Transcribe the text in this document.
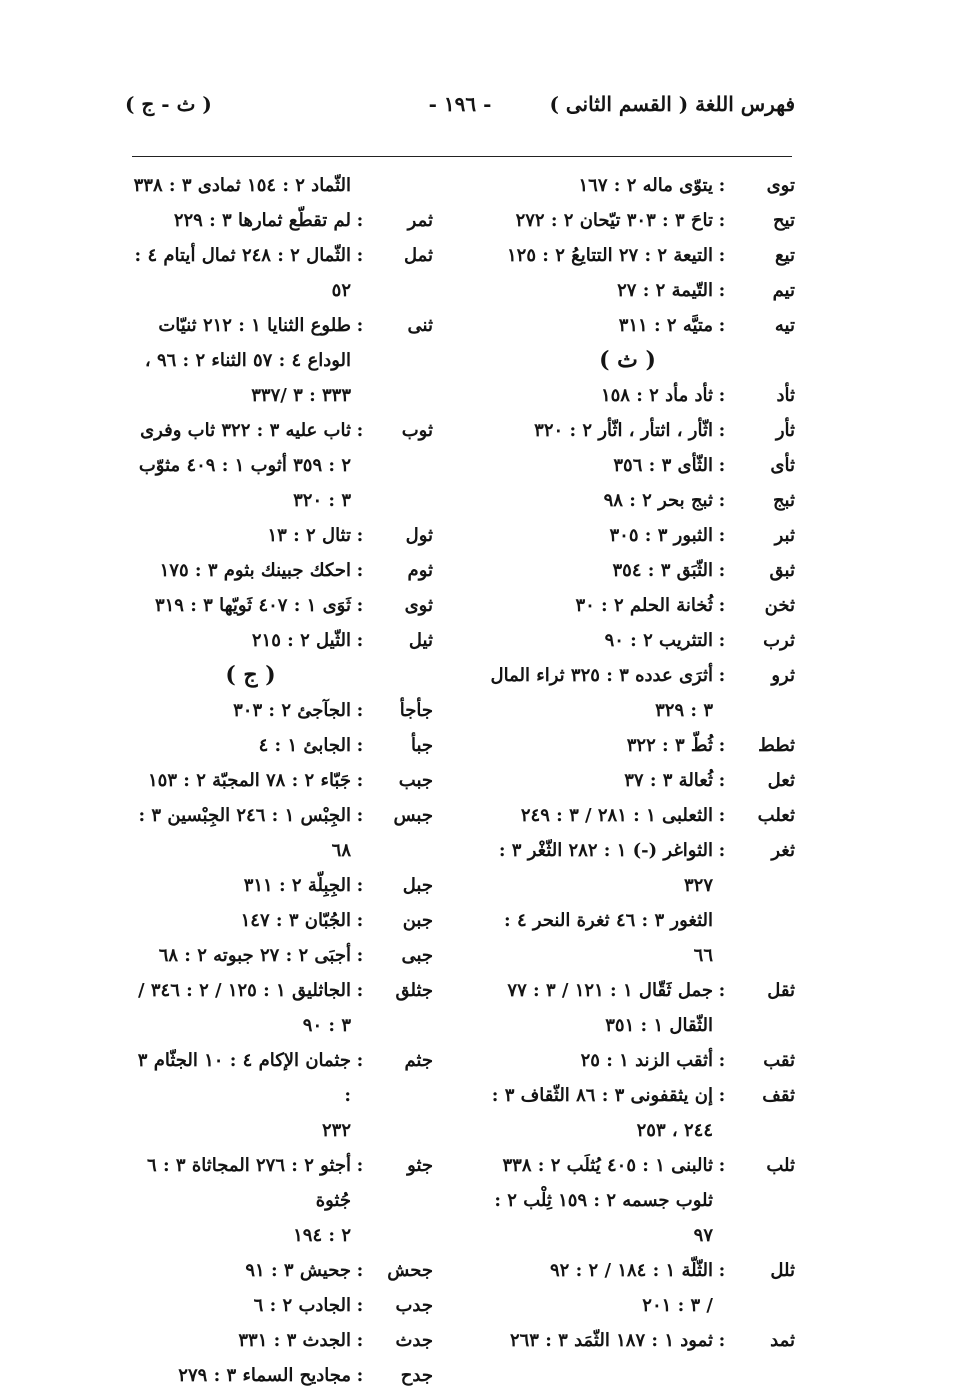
فهرس اللغة ( القسم الثانى )
- ١٩٦ -
( ث - ج )
توى
:
يتوّى ماله ٢ : ١٦٧
تيح
:
تاحَ ٣ : ٣٠٣ تيّحان ٢ : ٢٧٢
تيع
:
التيعة ٢ : ٢٧ التتايعُ ٢ : ١٢٥
تيم
:
التّيمة ٢ : ٢٧
تيه
:
متيَّه ٢ : ٣١١
( ث )
ثأد
:
ثأد مأد ٢ : ١٥٨
ثأر
:
اثّأر ، اثتأر ، اثّأر ٢ : ٣٢٠
ثأى
:
الثّأى ٣ : ٣٥٦
ثبج
:
ثبج بحر ٢ : ٩٨
ثبر
:
الثبور ٣ : ٣٠٥
ثبق
:
الثّبَق ٣ : ٣٥٤
ثخن
:
ثُخانة الحلم ٢ : ٣٠
ثرب
:
التثريب ٢ : ٩٠
ثرو
:
أثرَى عدده ٣ : ٣٢٥ ثراء المال
٣ : ٣٢٩
ثطط
:
ثُطّ ٣ : ٣٢٢
ثعل
:
ثُعالة ٣ : ٣٧
ثعلب
:
الثعلبى ١ : ٢٨١ / ٣ : ٢٤٩
ثغر
:
الثواغر (-) ١ : ٢٨٢ الثّغْر ٣ : ٣٢٧
الثغور ٣ : ٤٦ ثغرة النحر ٤ : ٦٦
ثقل
:
جمل ثَقّال ١ : ١٢١ / ٣ : ٧٧
الثّقال ١ : ٣٥١
ثقب
:
أثقب الزند ١ : ٢٥
ثقف
:
إن يثقفونى ٣ : ٨٦ الثّقاف ٣ :
٢٤٤ ، ٢٥٣
ثلب
:
ثالبنى ١ : ٤٠٥ يُثلَب ٢ : ٣٣٨
ثلوب جسمه ٢ : ١٥٩ ثِلْب ٢ : ٩٧
ثلل
:
الثّلّة ١ : ١٨٤ / ٢ : ٩٢
/ ٣ : ٢٠١
ثمد
:
ثمود ١ : ١٨٧ الثّمَد ٣ : ٢٦٣
الثّماد ٢ : ١٥٤ ثمادى ٣ : ٣٣٨
ثمر
:
لم تقطّع ثمارها ٣ : ٢٢٩
ثمل
:
الثّمال ٢ : ٢٤٨ ثمال أيتام ٤ : ٥٢
ثنى
:
طلوع الثنايا ١ : ٢١٢ ثنيّات
الوداع ٤ : ٥٧ الثناء ٢ : ٩٦ ،
٣٣٣ : ٣ /٣٣٧
ثوب
:
ثاب عليه ٣ : ٣٢٢ ثاب وفرى
٢ : ٣٥٩ أثوب ١ : ٤٠٩ مثوّب
٣ : ٣٢٠
ثول
:
تثال ٢ : ١٣
ثوم
:
احكك جبينك بثوم ٣ : ١٧٥
ثوى
:
ثَوَى ١ : ٤٠٧ ثَويّها ٣ : ٣١٩
ثيل
:
الثّيل ٢ : ٢١٥
( ج )
جأجأ
:
الجآجئ ٢ : ٣٠٣
جبأ
:
الجابئ ١ : ٤
جبب
:
جَبّاء ٢ : ٧٨ المجبّة ٢ : ١٥٣
جبس
:
الجِبْس ١ : ٢٤٦ الجِبْسين ٣ : ٦٨
جبل
:
الجِبِلّة ٢ : ٣١١
جبن
:
الجُبّان ٣ : ١٤٧
جبى
:
أجبَى ٢ : ٢٧ جبوته ٢ : ٦٨
جثلق
:
الجاثليق ١ : ١٢٥ / ٢ : ٣٤٦ /
٣ : ٩٠
جثم
:
جثمان الإكام ٤ : ١٠ الجثّام ٣ :
٢٣٢
جثو
:
أجثو ٢ : ٢٧٦ المجاثاة ٣ : ٦ جُثوة
٢ : ١٩٤
جحش
:
جحيش ٣ : ٩١
جدب
:
الجادب ٢ : ٦
جدث
:
الجدث ٣ : ٣٣١
جدح
:
مجاديح السماء ٣ : ٢٧٩
